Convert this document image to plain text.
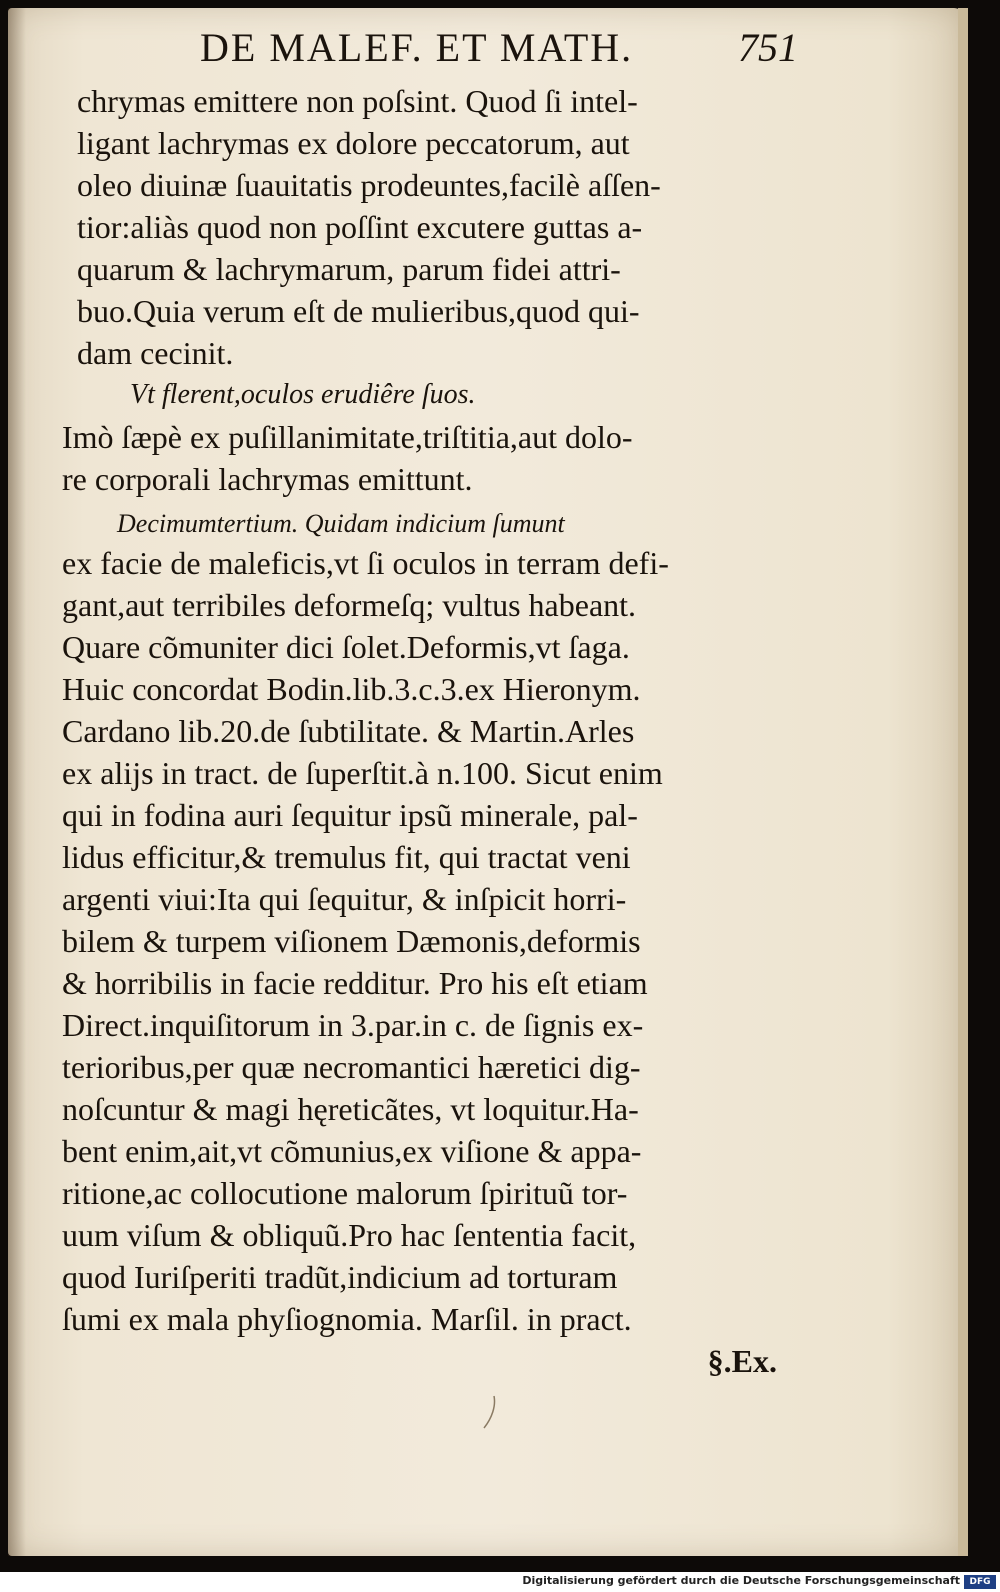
DE MALEF. ET MATH.	751
chrymas emittere non poſsint. Quod ſi intel-
ligant lachrymas ex dolore peccatorum, aut
oleo diuinæ ſuauitatis prodeuntes,facilè aſſen-
tior:aliàs quod non poſſint excutere guttas a-
quarum & lachrymarum, parum fidei attri-
buo.Quia verum eſt de mulieribus,quod qui-
dam cecinit.
Vt flerent,oculos erudiêre ſuos.
Imò ſæpè ex puſillanimitate,triſtitia,aut dolo-
re corporali lachrymas emittunt.
Decimumtertium. Quidam indicium ſumunt
ex facie de maleficis,vt ſi oculos in terram defi-
gant,aut terribiles deformeſq; vultus habeant.
Quare cõmuniter dici ſolet.Deformis,vt ſaga.
Huic concordat Bodin.lib.3.c.3.ex Hieronym.
Cardano lib.20.de ſubtilitate. & Martin.Arles
ex alijs in tract. de ſuperſtit.à n.100. Sicut enim
qui in fodina auri ſequitur ipsũ minerale, pal-
lidus efficitur,& tremulus fit, qui tractat veni
argenti viui:Ita qui ſequitur, & inſpicit horri-
bilem & turpem viſionem Dæmonis,deformis
& horribilis in facie redditur. Pro his eſt etiam
Direct.inquiſitorum in 3.par.in c. de ſignis ex-
terioribus,per quæ necromantici hæretici dig-
noſcuntur & magi hęreticãtes, vt loquitur.Ha-
bent enim,ait,vt cõmunius,ex viſione & appa-
ritione,ac collocutione malorum ſpirituũ tor-
uum viſum & obliquũ.Pro hac ſententia facit,
quod Iuriſperiti tradũt,indicium ad torturam
ſumi ex mala phyſiognomia. Marſil. in pract.
§.Ex.
Digitalisierung gefördert durch die Deutsche Forschungsgemeinschaft	DFG
